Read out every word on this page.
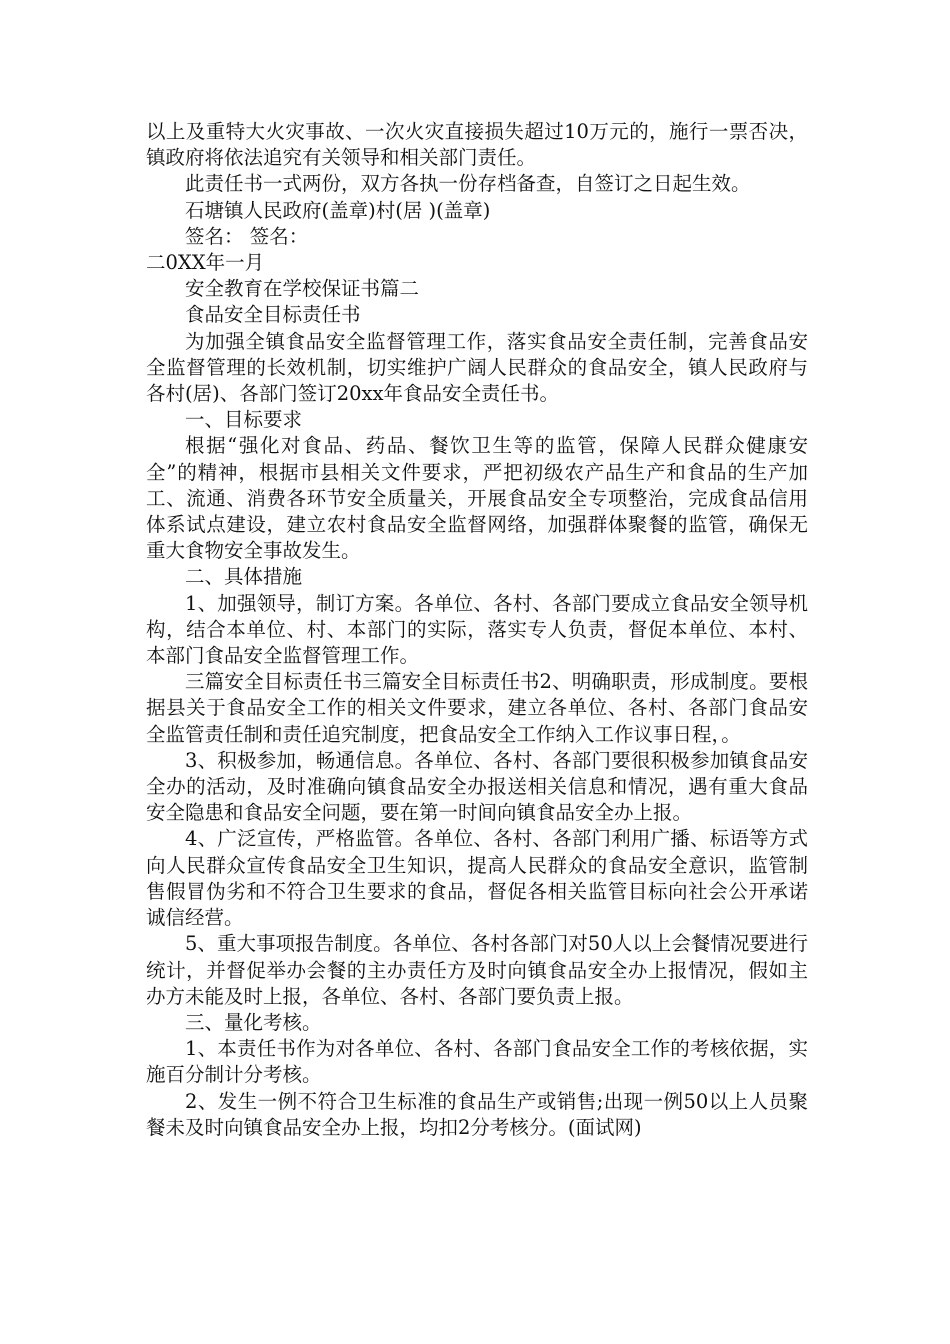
以上及重特大火灾事故、一次火灾直接损失超过10万元的，施行一票否决，镇政府将依法追究有关领导和相关部门责任。

此责任书一式两份，双方各执一份存档备查，自签订之日起生效。

石塘镇人民政府(盖章)村(居 )(盖章)

签名： 签名：

二0XX年一月

安全教育在学校保证书篇二

食品安全目标责任书

为加强全镇食品安全监督管理工作，落实食品安全责任制，完善食品安全监督管理的长效机制，切实维护广阔人民群众的食品安全，镇人民政府与各村(居)、各部门签订20xx年食品安全责任书。

一、目标要求

根据“强化对食品、药品、餐饮卫生等的监管，保障人民群众健康安全”的精神，根据市县相关文件要求，严把初级农产品生产和食品的生产加工、流通、消费各环节安全质量关，开展食品安全专项整治，完成食品信用体系试点建设，建立农村食品安全监督网络，加强群体聚餐的监管，确保无重大食物安全事故发生。

二、具体措施

1、加强领导，制订方案。各单位、各村、各部门要成立食品安全领导机构，结合本单位、村、本部门的实际，落实专人负责，督促本单位、本村、本部门食品安全监督管理工作。

三篇安全目标责任书三篇安全目标责任书2、明确职责，形成制度。要根据县关于食品安全工作的相关文件要求，建立各单位、各村、各部门食品安全监管责任制和责任追究制度，把食品安全工作纳入工作议事日程，。

3、积极参加，畅通信息。各单位、各村、各部门要很积极参加镇食品安全办的活动，及时准确向镇食品安全办报送相关信息和情况，遇有重大食品安全隐患和食品安全问题，要在第一时间向镇食品安全办上报。

4、广泛宣传，严格监管。各单位、各村、各部门利用广播、标语等方式向人民群众宣传食品安全卫生知识，提高人民群众的食品安全意识，监管制售假冒伪劣和不符合卫生要求的食品，督促各相关监管目标向社会公开承诺诚信经营。

5、重大事项报告制度。各单位、各村各部门对50人以上会餐情况要进行统计，并督促举办会餐的主办责任方及时向镇食品安全办上报情况，假如主办方未能及时上报，各单位、各村、各部门要负责上报。

三、量化考核。

1、本责任书作为对各单位、各村、各部门食品安全工作的考核依据，实施百分制计分考核。

2、发生一例不符合卫生标准的食品生产或销售;出现一例50以上人员聚餐未及时向镇食品安全办上报，均扣2分考核分。(面试网)
